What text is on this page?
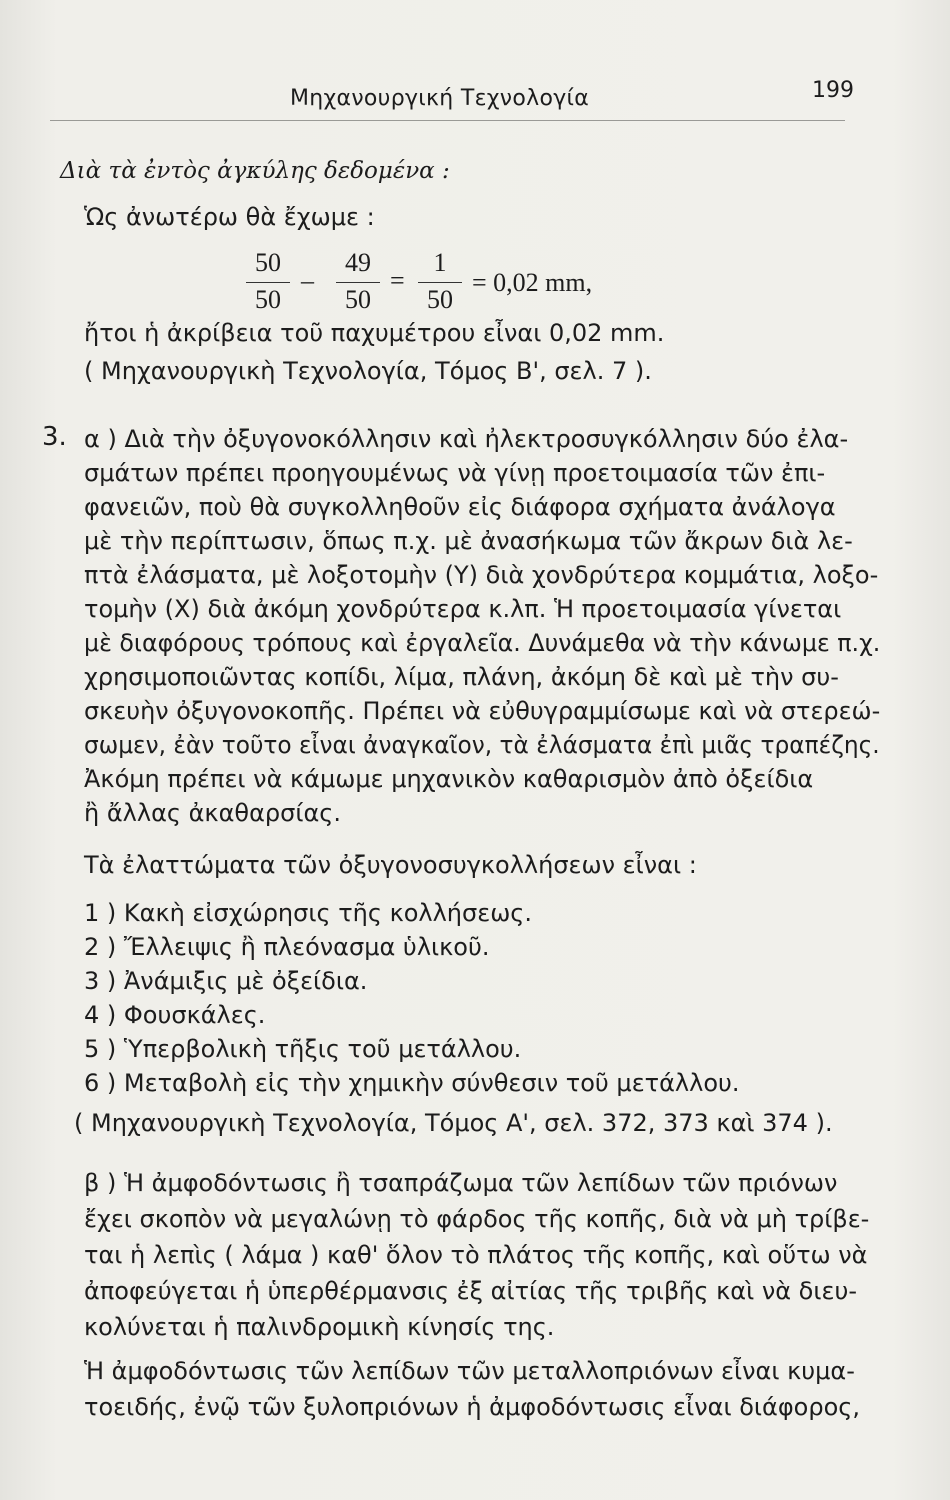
Μηχανουργική Τεχνολογία	199
Διὰ τὰ ἐντὸς ἀγκύλης δεδομένα :
Ὡς ἀνωτέρω θὰ ἔχωμε :
50
50
–
49
50
=
1
50
= 0,02 mm,
ἤτοι ἡ ἀκρίβεια τοῦ παχυμέτρου εἶναι 0,02 mm.
( Μηχανουργικὴ Τεχνολογία, Τόμος Β', σελ. 7 ).
3. α ) Διὰ τὴν ὀξυγονοκόλλησιν καὶ ἠλεκτροσυγκόλλησιν δύο ἐλα-
σμάτων πρέπει προηγουμένως νὰ γίνῃ προετοιμασία τῶν ἐπι-
φανειῶν, ποὺ θὰ συγκολληθοῦν εἰς διάφορα σχήματα ἀνάλογα
μὲ τὴν περίπτωσιν, ὅπως π.χ. μὲ ἀνασήκωμα τῶν ἄκρων διὰ λε-
πτὰ ἐλάσματα, μὲ λοξοτομὴν (Υ) διὰ χονδρύτερα κομμάτια, λοξο-
τομὴν (Χ) διὰ ἀκόμη χονδρύτερα κ.λπ. Ἡ προετοιμασία γίνεται
μὲ διαφόρους τρόπους καὶ ἐργαλεῖα. Δυνάμεθα νὰ τὴν κάνωμε π.χ.
χρησιμοποιῶντας κοπίδι, λίμα, πλάνη, ἀκόμη δὲ καὶ μὲ τὴν συ-
σκευὴν ὀξυγονοκοπῆς. Πρέπει νὰ εὐθυγραμμίσωμε καὶ νὰ στερεώ-
σωμεν, ἐὰν τοῦτο εἶναι ἀναγκαῖον, τὰ ἐλάσματα ἐπὶ μιᾶς τραπέζης.
Ἀκόμη πρέπει νὰ κάμωμε μηχανικὸν καθαρισμὸν ἀπὸ ὀξείδια
ἢ ἄλλας ἀκαθαρσίας.
Τὰ ἐλαττώματα τῶν ὀξυγονοσυγκολλήσεων εἶναι :
1 ) Κακὴ εἰσχώρησις τῆς κολλήσεως.
2 ) Ἔλλειψις ἢ πλεόνασμα ὑλικοῦ.
3 ) Ἀνάμιξις μὲ ὀξείδια.
4 ) Φουσκάλες.
5 ) Ὑπερβολικὴ τῆξις τοῦ μετάλλου.
6 ) Μεταβολὴ εἰς τὴν χημικὴν σύνθεσιν τοῦ μετάλλου.
( Μηχανουργικὴ Τεχνολογία, Τόμος Α', σελ. 372, 373 καὶ 374 ).
β ) Ἡ ἀμφοδόντωσις ἢ τσαπράζωμα τῶν λεπίδων τῶν πριόνων
ἔχει σκοπὸν νὰ μεγαλώνῃ τὸ φάρδος τῆς κοπῆς, διὰ νὰ μὴ τρίβε-
ται ἡ λεπὶς ( λάμα ) καθ' ὅλον τὸ πλάτος τῆς κοπῆς, καὶ οὕτω νὰ
ἀποφεύγεται ἡ ὑπερθέρμανσις ἐξ αἰτίας τῆς τριβῆς καὶ νὰ διευ-
κολύνεται ἡ παλινδρομικὴ κίνησίς της.
Ἡ ἀμφοδόντωσις τῶν λεπίδων τῶν μεταλλοπριόνων εἶναι κυμα-
τοειδής, ἐνῷ τῶν ξυλοπριόνων ἡ ἀμφοδόντωσις εἶναι διάφορος,
